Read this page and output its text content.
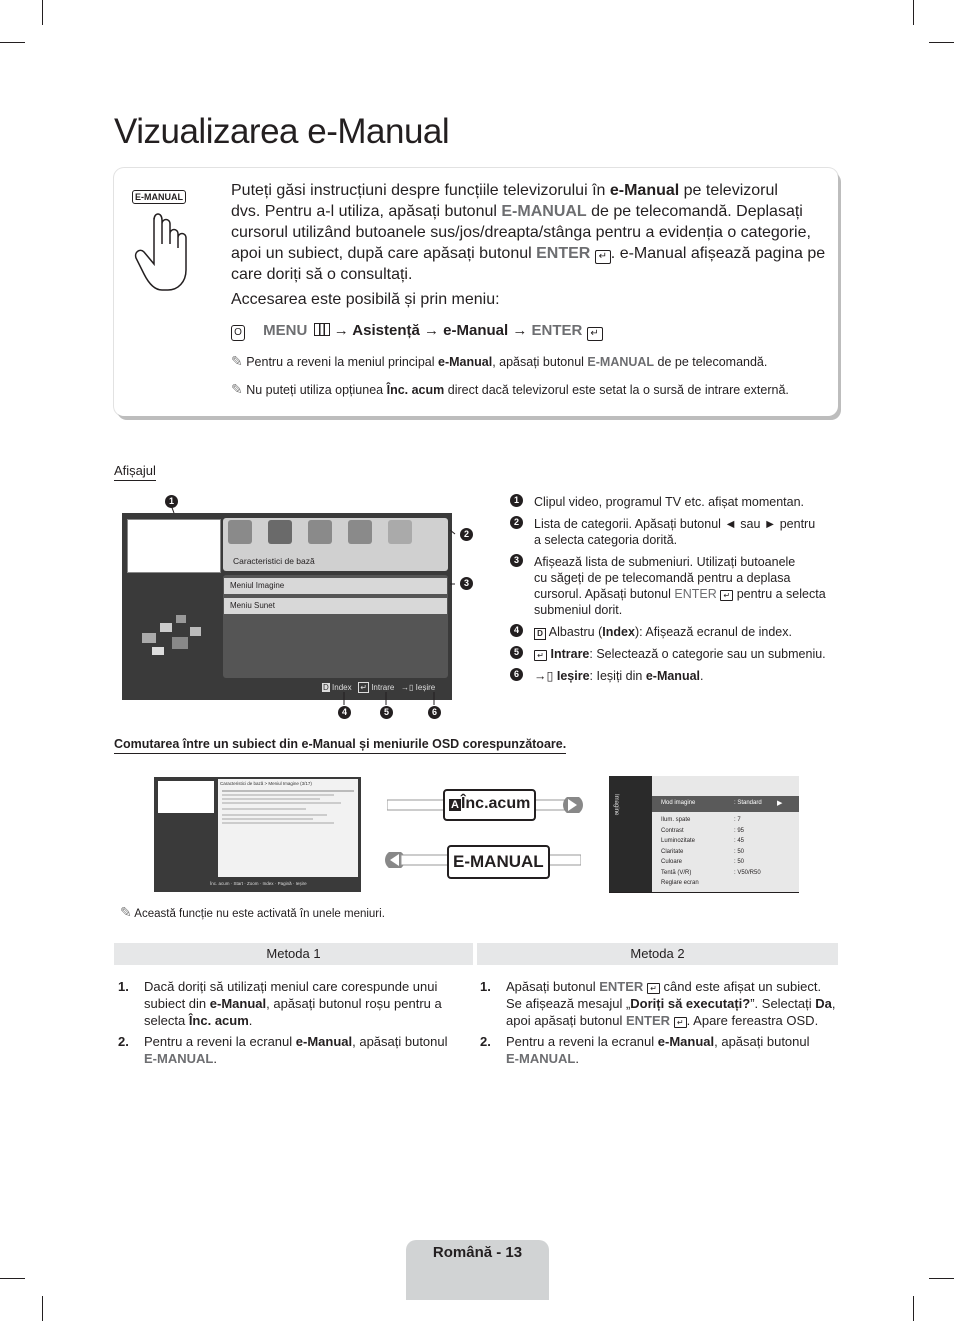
Vizualizarea e-Manual
E-MANUAL	Puteți găsi instrucțiuni despre funcțiile televizorului în e-Manual pe televizorul
dvs. Pentru a-l utiliza, apăsați butonul E-MANUAL de pe telecomandă. Deplasați
cursorul utilizând butoanele sus/jos/dreapta/stânga pentru a evidenția o categorie,
apoi un subiect, după care apăsați butonul ENTER ↵ . e-Manual afișează pagina pe
care doriți să o consultați.
Accesarea este posibilă și prin meniu:
O MENU  → Asistență → e-Manual → ENTER ↵
✎ Pentru a reveni la meniul principal e-Manual, apăsați butonul E-MANUAL de pe telecomandă.
✎ Nu puteți utiliza opțiunea Înc. acum direct dacă televizorul este setat la o sursă de intrare externă.
Afișajul
Caracteristici de bază
Meniul Imagine
Meniu Sunet
D Index ↵ Intrare →▯ Ieșire
1
2
3
4	5	6
1	Clipul video, programul TV etc. afișat momentan.
2	Lista de categorii. Apăsați butonul ◄ sau ► pentru
a selecta categoria dorită.
3	Afișează lista de submeniuri. Utilizați butoanele
cu săgeți de pe telecomandă pentru a deplasa
cursorul. Apăsați butonul ENTER ↵ pentru a selecta
submeniul dorit.
4	D Albastru (Index): Afișează ecranul de index.
5	↵ Intrare: Selectează o categorie sau un submeniu.
6	→▯ Ieșire: Ieșiți din e-Manual.
Comutarea între un subiect din e-Manual și meniurile OSD corespunzătoare.
Caracteristici de bază > Meniul Imagine (3/17)
Înc. acum · Start · Zoom · Index · Pagină · Ieșire
A Înc.acum
E-MANUAL
Imagine	Mod imagine	: Standard ▶
Ilum. spate	: 7
Contrast	: 95
Luminozitate	: 45
Claritate	: 50
Culoare	: 50
Tentă (V/R)	: V50/R50
Reglare ecran
✎ Această funcție nu este activată în unele meniuri.
Metoda 1	Metoda 2
1.	Dacă doriți să utilizați meniul care corespunde unui
subiect din e-Manual, apăsați butonul roșu pentru a
selecta Înc. acum.
2.	Pentru a reveni la ecranul e-Manual, apăsați butonul
E-MANUAL.
1.	Apăsați butonul ENTER ↵ când este afișat un subiect.
Se afișează mesajul „Doriți să executați?”. Selectați Da,
apoi apăsați butonul ENTER ↵ . Apare fereastra OSD.
2.	Pentru a reveni la ecranul e-Manual, apăsați butonul
E-MANUAL.
Română - 13
